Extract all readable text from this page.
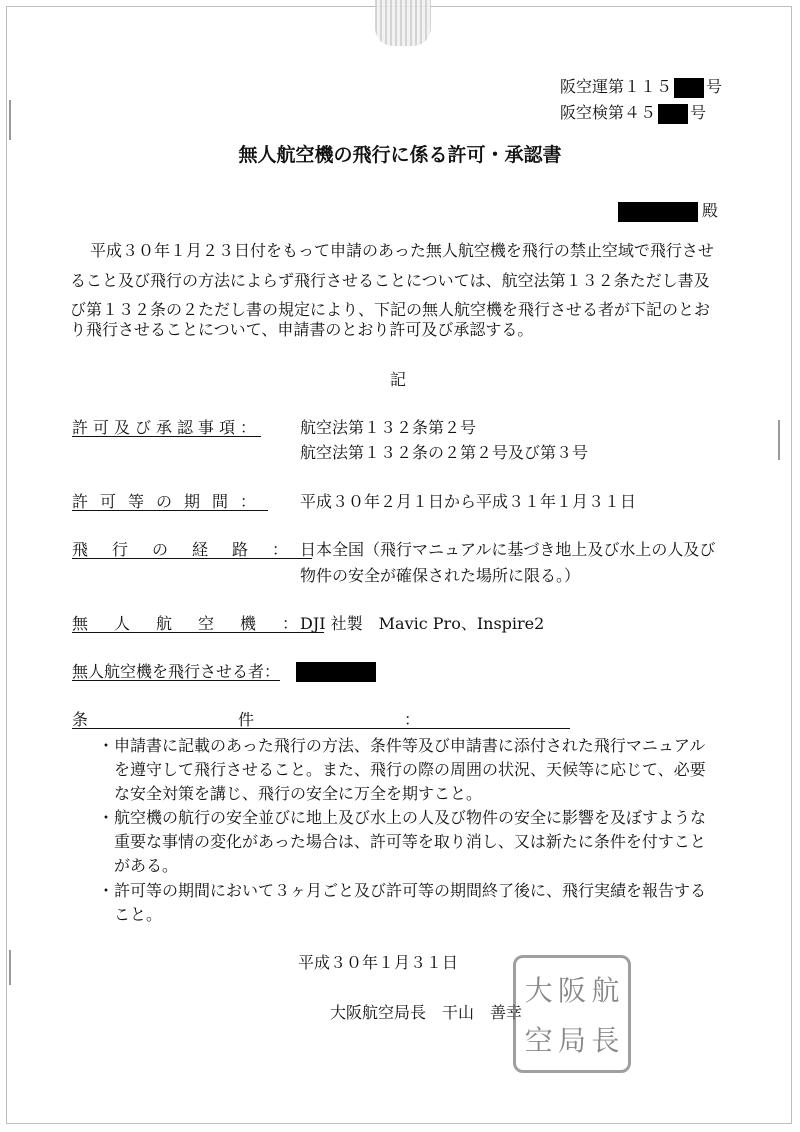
阪空運第１１５ 号
阪空検第４５ 号
無人航空機の飛行に係る許可・承認書
殿
平成３０年１月２３日付をもって申請のあった無人航空機を飛行の禁止空域で飛行させ
ること及び飛行の方法によらず飛行させることについては、航空法第１３２条ただし書及
び第１３２条の２ただし書の規定により、下記の無人航空機を飛行させる者が下記のとお
り飛行させることについて、申請書のとおり許可及び承認する。
記
許可及び承認事項：	航空法第１３２条第２号
航空法第１３２条の２第２号及び第３号
許可等の期間：	平成３０年２月１日から平成３１年１月３１日
飛行の経路：
日本全国（飛行マニュアルに基づき地上及び水上の人及び
物件の安全が確保された場所に限る。）
無人航空機：
DJI 社製　Mavic Pro、Inspire2
無人航空機を飛行させる者：
条件：
・申請書に記載のあった飛行の方法、条件等及び申請書に添付された飛行マニュアル
を遵守して飛行させること。また、飛行の際の周囲の状況、天候等に応じて、必要
な安全対策を講じ、飛行の安全に万全を期すこと。
・航空機の航行の安全並びに地上及び水上の人及び物件の安全に影響を及ぼすような
重要な事情の変化があった場合は、許可等を取り消し、又は新たに条件を付すこと
がある。
・許可等の期間において３ヶ月ごと及び許可等の期間終了後に、飛行実績を報告する
こと。
平成３０年１月３１日
大阪航空局長　 干山　善幸
大 阪 航
空 局 長
